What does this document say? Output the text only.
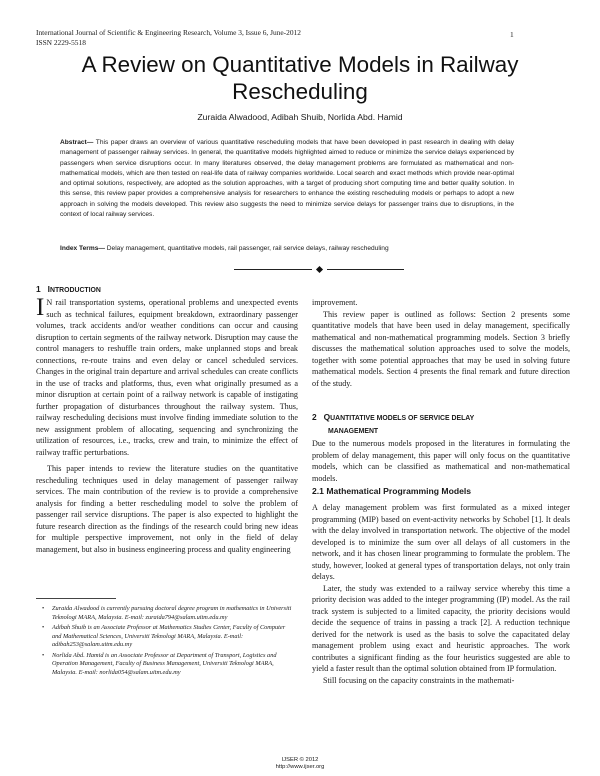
International Journal of Scientific & Engineering Research, Volume 3, Issue 6, June-2012
ISSN 2229-5518
1
A Review on Quantitative Models in Railway Rescheduling
Zuraida Alwadood, Adibah Shuib, Norlida Abd. Hamid
Abstract— This paper draws an overview of various quantitative rescheduling models that have been developed in past research in dealing with delay management of passenger railway services. In general, the quantitative models highlighted aimed to reduce or minimize the service delays experienced by passengers when service disruptions occur. In many literatures observed, the delay management problems are formulated as mathematical and non-mathematical models, which are then tested on real-life data of railway companies worldwide. Local search and exact methods which provide near-optimal and optimal solutions, respectively, are adopted as the solution approaches, with a target of producing short computing time and better quality solution. In this sense, this review paper provides a comprehensive analysis for researchers to enhance the existing rescheduling models or perhaps to adopt a new approach in solving the models developed. This review also suggests the need to minimize service delays for passenger trains due to disruptions, in the context of local railway services.
Index Terms— Delay management, quantitative models, rail passenger, rail service delays, railway rescheduling
1 INTRODUCTION

I N rail transportation systems, operational problems and unexpected events such as technical failures, equipment breakdown, extraordinary passenger volumes, track accidents and/or weather conditions can occur and causing disruption to certain segments of the railway network. Disruption may cause the control managers to reshuffle train orders, make unplanned stops and break connections, re-route trains and even delay or cancel scheduled services. Changes in the original train departure and arrival schedules can create conflicts in the use of tracks and platforms, thus, even what originally presumed as a minor disruption at certain point of a railway network is capable of instigating further propagation of disturbances throughout the railway system. Thus, railway rescheduling decisions must involve finding immediate solution to the new assignment problem of allocating, sequencing and synchronizing the utilization of resources, i.e., tracks, crew and train, to minimize the effect of railway traffic perturbations.

This paper intends to review the literature studies on the quantitative rescheduling techniques used in delay management of passenger railway services. The main contribution of the review is to provide a comprehensive analysis for finding a better rescheduling model to solve the problem of passenger rail service disruptions. The paper is also expected to highlight the future research direction as the findings of the research could bring new ideas for multiple perspective improvement, not only in the field of delay management, but also in business engineering process and quality engineering

improvement.

This review paper is outlined as follows: Section 2 presents some quantitative models that have been used in delay management, specifically mathematical and non-mathematical programming models. Section 3 briefly discusses the mathematical solution approaches used to solve the models, together with some potential approaches that may be used in solving future mathematical models. Section 4 presents the final remark and future direction of the study.

2 QUANTITATIVE MODELS OF SERVICE DELAY
MANAGEMENT

Due to the numerous models proposed in the literatures in formulating the problem of delay management, this paper will only focus on the quantitative models, which can be classified as mathematical and non-mathematical models.

2.1 Mathematical Programming Models

A delay management problem was first formulated as a mixed integer programming (MIP) based on event-activity networks by Schobel [1]. It deals with the delay involved in transportation network. The objective of the model developed is to minimize the sum over all delays of all customers in the network, and it has chosen linear programming to formulate the problem. The study, however, looked at general types of transportation delays, not only train delays.

Later, the study was extended to a railway service whereby this time a priority decision was added to the integer programming (IP) model. As the rail track system is subjected to a limited capacity, the priority decisions would decide the sequence of trains in passing a track [2]. A reduction technique derived for the network is used as the basis to solve the capacitated delay management problem using exact and heuristic approaches. The work contributes a significant finding as the four heuristics suggested are able to yield a faster result than the optimal solution obtained from IP formulation.

Still focusing on the capacity constraints in the mathemati-

• Zuraida Alwadood is currently pursuing doctoral degree program in mathematics in Universiti Teknologi MARA, Malaysia. E-mail: zuraida794@salam.uitm.edu.my
• Adibah Shuib is an Associate Professor at Mathematics Studies Center, Faculty of Computer and Mathematical Sciences, Universiti Teknologi MARA, Malaysia. E-mail: adibah253@salam.uitm.edu.my
• Norlida Abd. Hamid is an Associate Professor at Department of Transport, Logistics and Operation Management, Faculty of Business Management, Universiti Teknologi MARA, Malaysia. E-mail: norlida054@salam.uitm.edu.my
IJSER © 2012
http://www.ijser.org
